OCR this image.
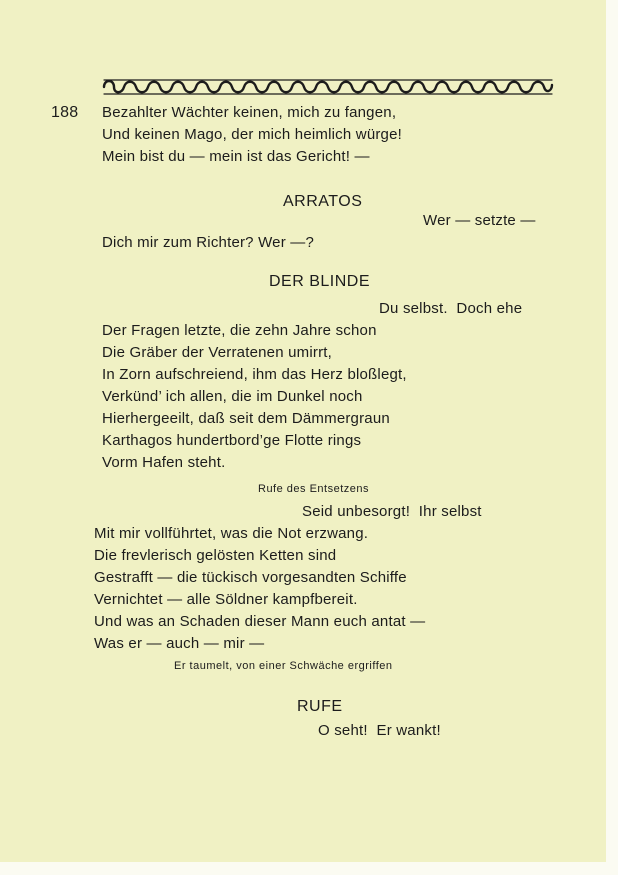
188 Bezahlter Wächter keinen, mich zu fangen,
Und keinen Mago, der mich heimlich würge!
Mein bist du — mein ist das Gericht! —
ARRATOS
Wer — setzte —
Dich mir zum Richter? Wer —?
DER BLINDE
Du selbst.  Doch ehe
Der Fragen letzte, die zehn Jahre schon
Die Gräber der Verratenen umirrt,
In Zorn aufschreiend, ihm das Herz bloßlegt,
Verkünd’ ich allen, die im Dunkel noch
Hierhergeeilt, daß seit dem Dämmergraun
Karthagos hundertbord’ge Flotte rings
Vorm Hafen steht.
Rufe des Entsetzens
Seid unbesorgt!  Ihr selbst
Mit mir vollführtet, was die Not erzwang.
Die frevlerisch gelösten Ketten sind
Gestrafft — die tückisch vorgesandten Schiffe
Vernichtet — alle Söldner kampfbereit.
Und was an Schaden dieser Mann euch antat —
Was er — auch — mir —
Er taumelt, von einer Schwäche ergriffen
RUFE
O seht!  Er wankt!
